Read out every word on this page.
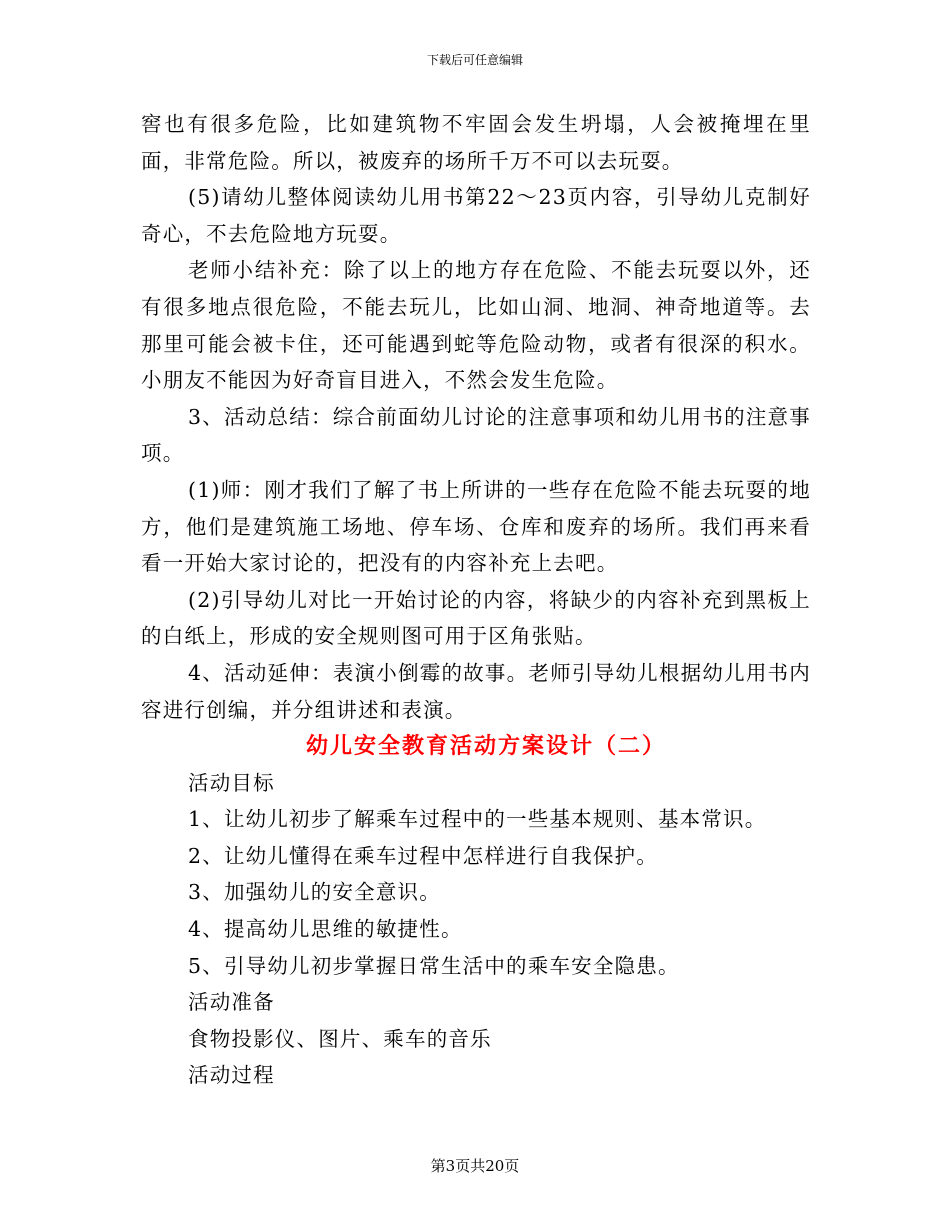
下载后可任意编辑

窖也有很多危险，比如建筑物不牢固会发生坍塌，人会被掩埋在里面，非常危险。所以，被废弃的场所千万不可以去玩耍。

(5)请幼儿整体阅读幼儿用书第22～23页内容，引导幼儿克制好奇心，不去危险地方玩耍。

老师小结补充：除了以上的地方存在危险、不能去玩耍以外，还有很多地点很危险，不能去玩儿，比如山洞、地洞、神奇地道等。去那里可能会被卡住，还可能遇到蛇等危险动物，或者有很深的积水。小朋友不能因为好奇盲目进入，不然会发生危险。

3、活动总结：综合前面幼儿讨论的注意事项和幼儿用书的注意事项。

(1)师：刚才我们了解了书上所讲的一些存在危险不能去玩耍的地方，他们是建筑施工场地、停车场、仓库和废弃的场所。我们再来看看一开始大家讨论的，把没有的内容补充上去吧。

(2)引导幼儿对比一开始讨论的内容，将缺少的内容补充到黑板上的白纸上，形成的安全规则图可用于区角张贴。

4、活动延伸：表演小倒霉的故事。老师引导幼儿根据幼儿用书内容进行创编，并分组讲述和表演。

幼儿安全教育活动方案设计（二）

活动目标

1、让幼儿初步了解乘车过程中的一些基本规则、基本常识。

2、让幼儿懂得在乘车过程中怎样进行自我保护。

3、加强幼儿的安全意识。

4、提高幼儿思维的敏捷性。

5、引导幼儿初步掌握日常生活中的乘车安全隐患。

活动准备

食物投影仪、图片、乘车的音乐

活动过程

第3页共20页
